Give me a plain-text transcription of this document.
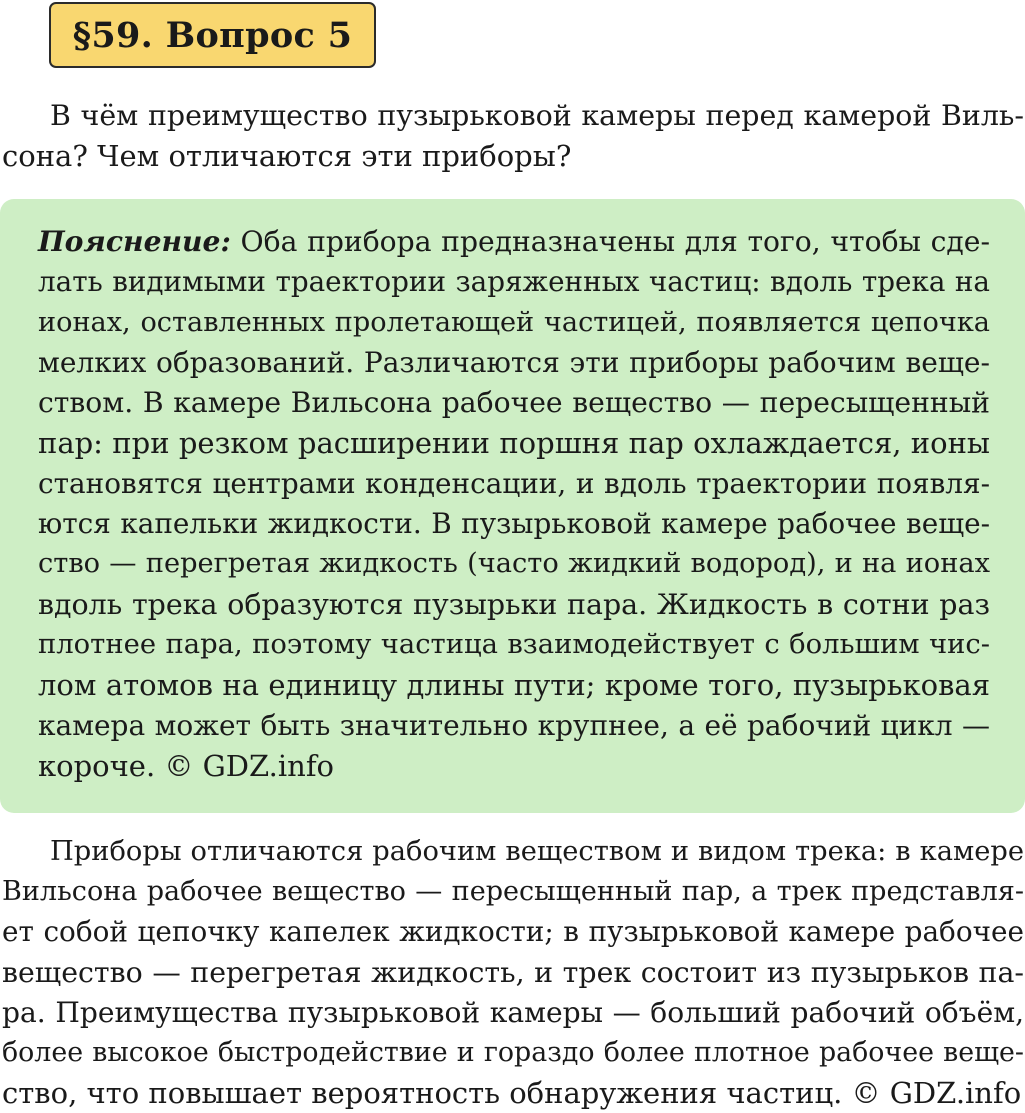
§59. Вопрос 5
В чём преимущество пузырьковой камеры перед камерой Виль-
сона? Чем отличаются эти приборы?
Пояснение: Оба прибора предназначены для того, чтобы сде-
лать видимыми траектории заряженных частиц: вдоль трека на
ионах, оставленных пролетающей частицей, появляется цепочка
мелких образований. Различаются эти приборы рабочим веще-
ством. В камере Вильсона рабочее вещество — пересыщенный
пар: при резком расширении поршня пар охлаждается, ионы
становятся центрами конденсации, и вдоль траектории появля-
ются капельки жидкости. В пузырьковой камере рабочее веще-
ство — перегретая жидкость (часто жидкий водород), и на ионах
вдоль трека образуются пузырьки пара. Жидкость в сотни раз
плотнее пара, поэтому частица взаимодействует с большим чис-
лом атомов на единицу длины пути; кроме того, пузырьковая
камера может быть значительно крупнее, а её рабочий цикл —
короче. © GDZ.info
Приборы отличаются рабочим веществом и видом трека: в камере
Вильсона рабочее вещество — пересыщенный пар, а трек представля-
ет собой цепочку капелек жидкости; в пузырьковой камере рабочее
вещество — перегретая жидкость, и трек состоит из пузырьков па-
ра. Преимущества пузырьковой камеры — больший рабочий объём,
более высокое быстродействие и гораздо более плотное рабочее веще-
ство, что повышает вероятность обнаружения частиц. © GDZ.info
